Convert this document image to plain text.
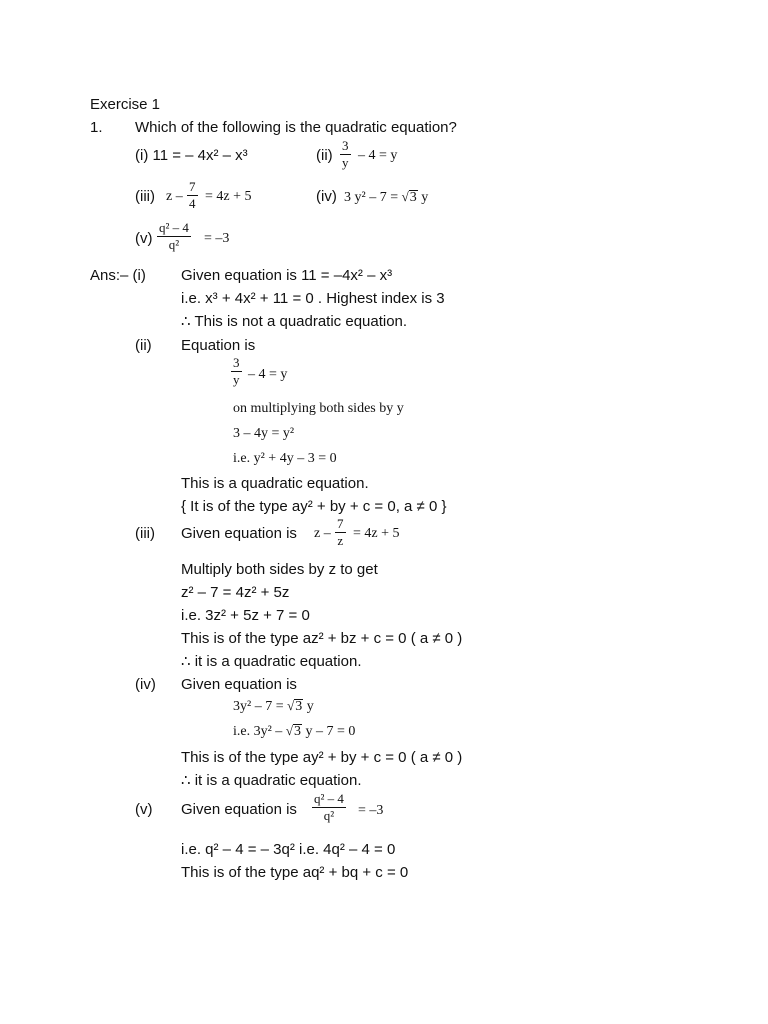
Exercise 1
1. Which of the following is the quadratic equation?
(i) 11 = – 4x² – x³	(ii)
3
y – 4 = y
(iii) z –
7
4 = 4z + 5	(iv) 3 y² – 7 = √3 y
(v)
q² – 4
q² = –3
Ans:– (i) Given equation is 11 = –4x² – x³
i.e. x³ + 4x² + 11 = 0 . Highest index is 3
∴ This is not a quadratic equation.
(ii) Equation is
3
y – 4 = y
on multiplying both sides by y
3 – 4y = y²
i.e. y² + 4y – 3 = 0
This is a quadratic equation.
{ It is of the type ay² + by + c = 0, a ≠ 0 }
(iii) Given equation is z –
7
z = 4z + 5
Multiply both sides by z to get
z² – 7 = 4z² + 5z
i.e. 3z² + 5z + 7 = 0
This is of the type az² + bz + c = 0 ( a ≠ 0 )
∴ it is a quadratic equation.
(iv) Given equation is
3y² – 7 = √3 y
i.e. 3y² – √3 y – 7 = 0
This is of the type ay² + by + c = 0 ( a ≠ 0 )
∴ it is a quadratic equation.
(v) Given equation is
q² – 4
q² = –3
i.e. q² – 4 = – 3q² i.e. 4q² – 4 = 0
This is of the type aq² + bq + c = 0
